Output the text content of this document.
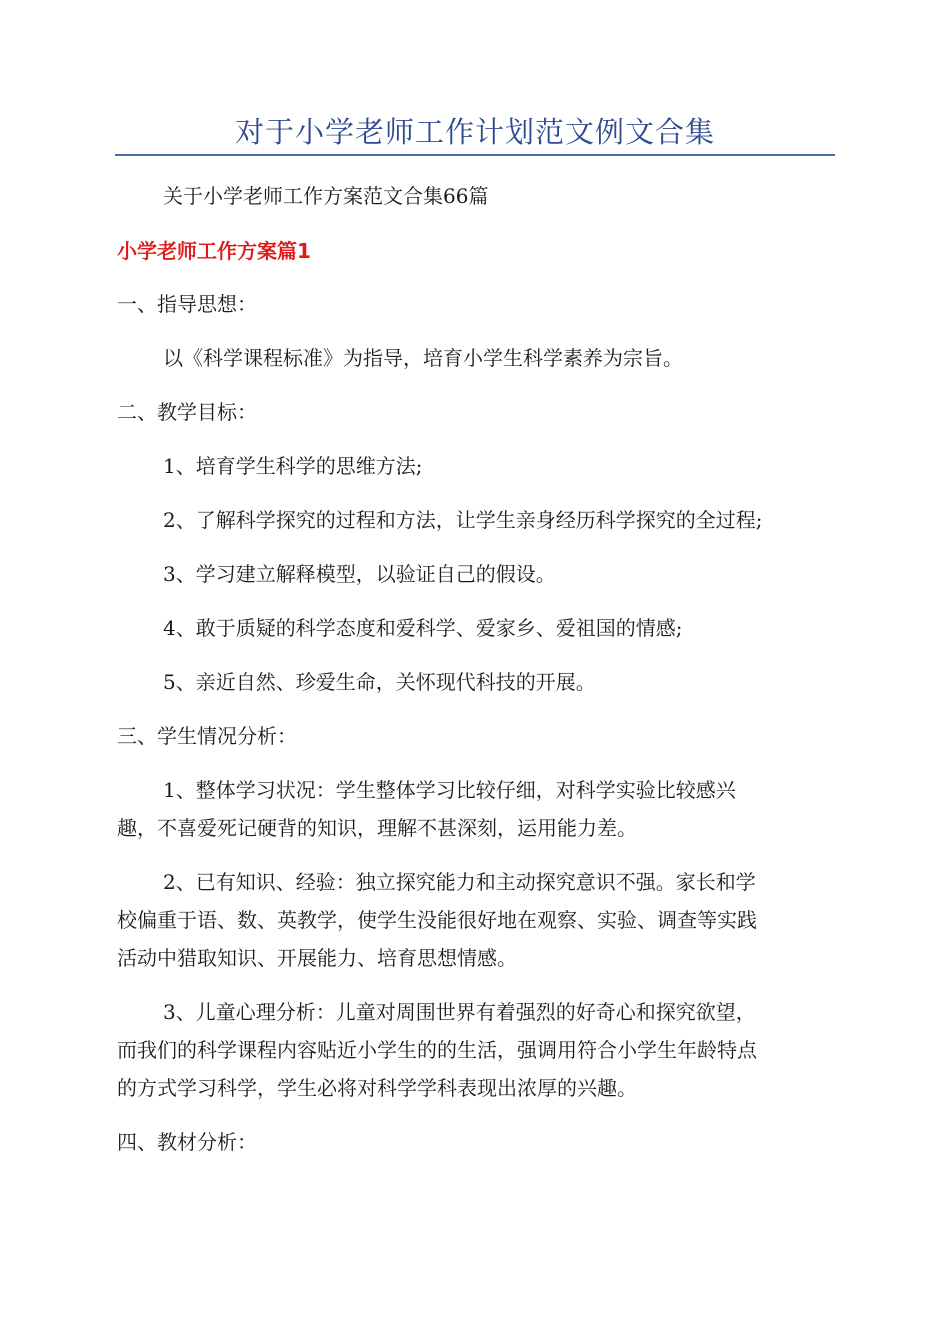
对于小学老师工作计划范文例文合集
关于小学老师工作方案范文合集66篇
小学老师工作方案篇1
一、指导思想：
以《科学课程标准》为指导，培育小学生科学素养为宗旨。
二、教学目标：
1、培育学生科学的思维方法;
2、了解科学探究的过程和方法，让学生亲身经历科学探究的全过程;
3、学习建立解释模型，以验证自己的假设。
4、敢于质疑的科学态度和爱科学、爱家乡、爱祖国的情感;
5、亲近自然、珍爱生命，关怀现代科技的开展。
三、学生情况分析：
1、整体学习状况：学生整体学习比较仔细，对科学实验比较感兴
趣，不喜爱死记硬背的知识，理解不甚深刻，运用能力差。
2、已有知识、经验：独立探究能力和主动探究意识不强。家长和学
校偏重于语、数、英教学，使学生没能很好地在观察、实验、调查等实践
活动中猎取知识、开展能力、培育思想情感。
3、儿童心理分析：儿童对周围世界有着强烈的好奇心和探究欲望，
而我们的科学课程内容贴近小学生的的生活，强调用符合小学生年龄特点
的方式学习科学，学生必将对科学学科表现出浓厚的兴趣。
四、教材分析：
